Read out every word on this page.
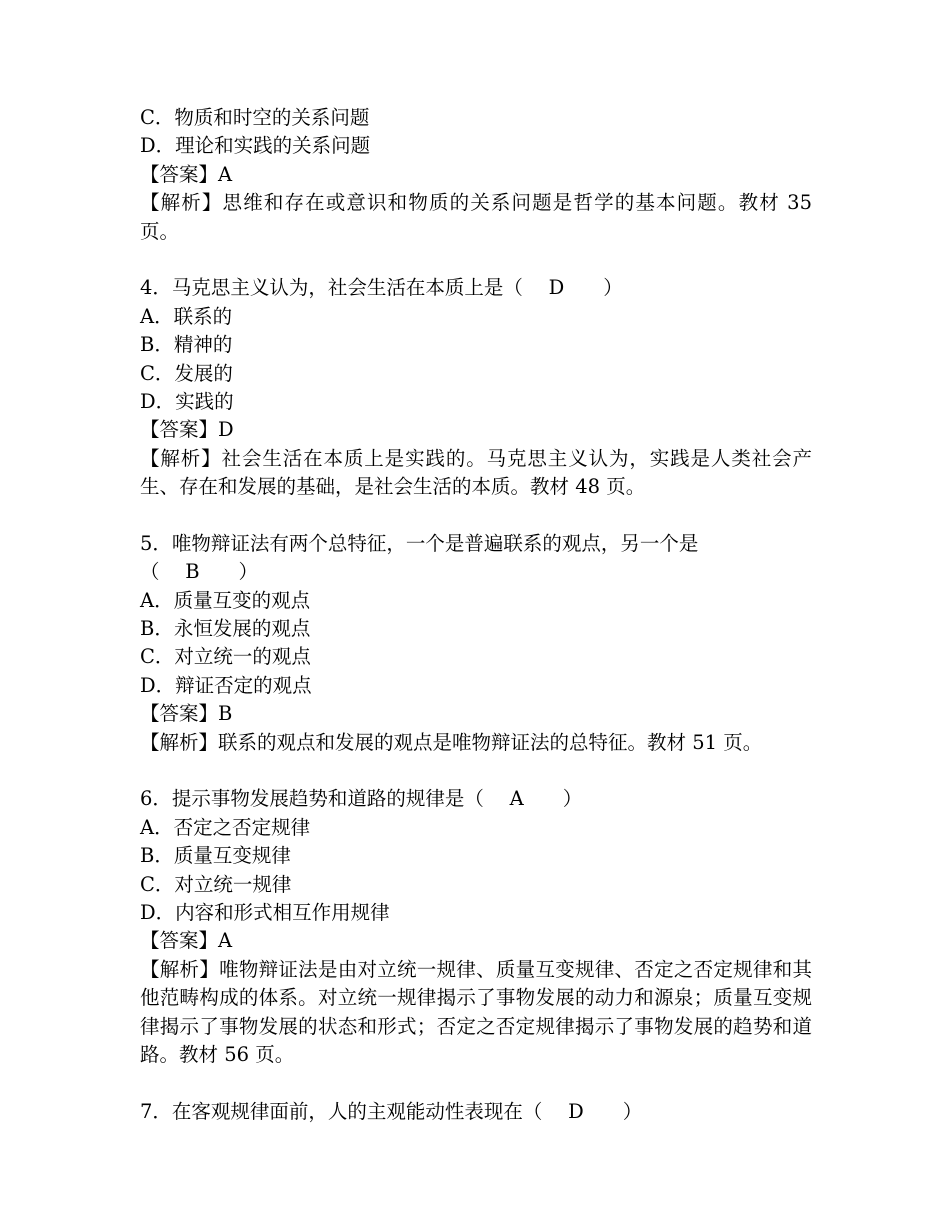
C．物质和时空的关系问题
D．理论和实践的关系问题
【答案】A
【解析】思维和存在或意识和物质的关系问题是哲学的基本问题。教材 35 页。
4．马克思主义认为，社会生活在本质上是（　 D　　）
A．联系的
B．精神的
C．发展的
D．实践的
【答案】D
【解析】社会生活在本质上是实践的。马克思主义认为，实践是人类社会产生、存在和发展的基础，是社会生活的本质。教材 48 页。
5．唯物辩证法有两个总特征，一个是普遍联系的观点，另一个是
（　 B　　）
A．质量互变的观点
B．永恒发展的观点
C．对立统一的观点
D．辩证否定的观点
【答案】B
【解析】联系的观点和发展的观点是唯物辩证法的总特征。教材 51 页。
6．提示事物发展趋势和道路的规律是（　 A　　）
A．否定之否定规律
B．质量互变规律
C．对立统一规律
D．内容和形式相互作用规律
【答案】A
【解析】唯物辩证法是由对立统一规律、质量互变规律、否定之否定规律和其他范畴构成的体系。对立统一规律揭示了事物发展的动力和源泉；质量互变规律揭示了事物发展的状态和形式；否定之否定规律揭示了事物发展的趋势和道路。教材 56 页。
7．在客观规律面前，人的主观能动性表现在（　 D　　）
